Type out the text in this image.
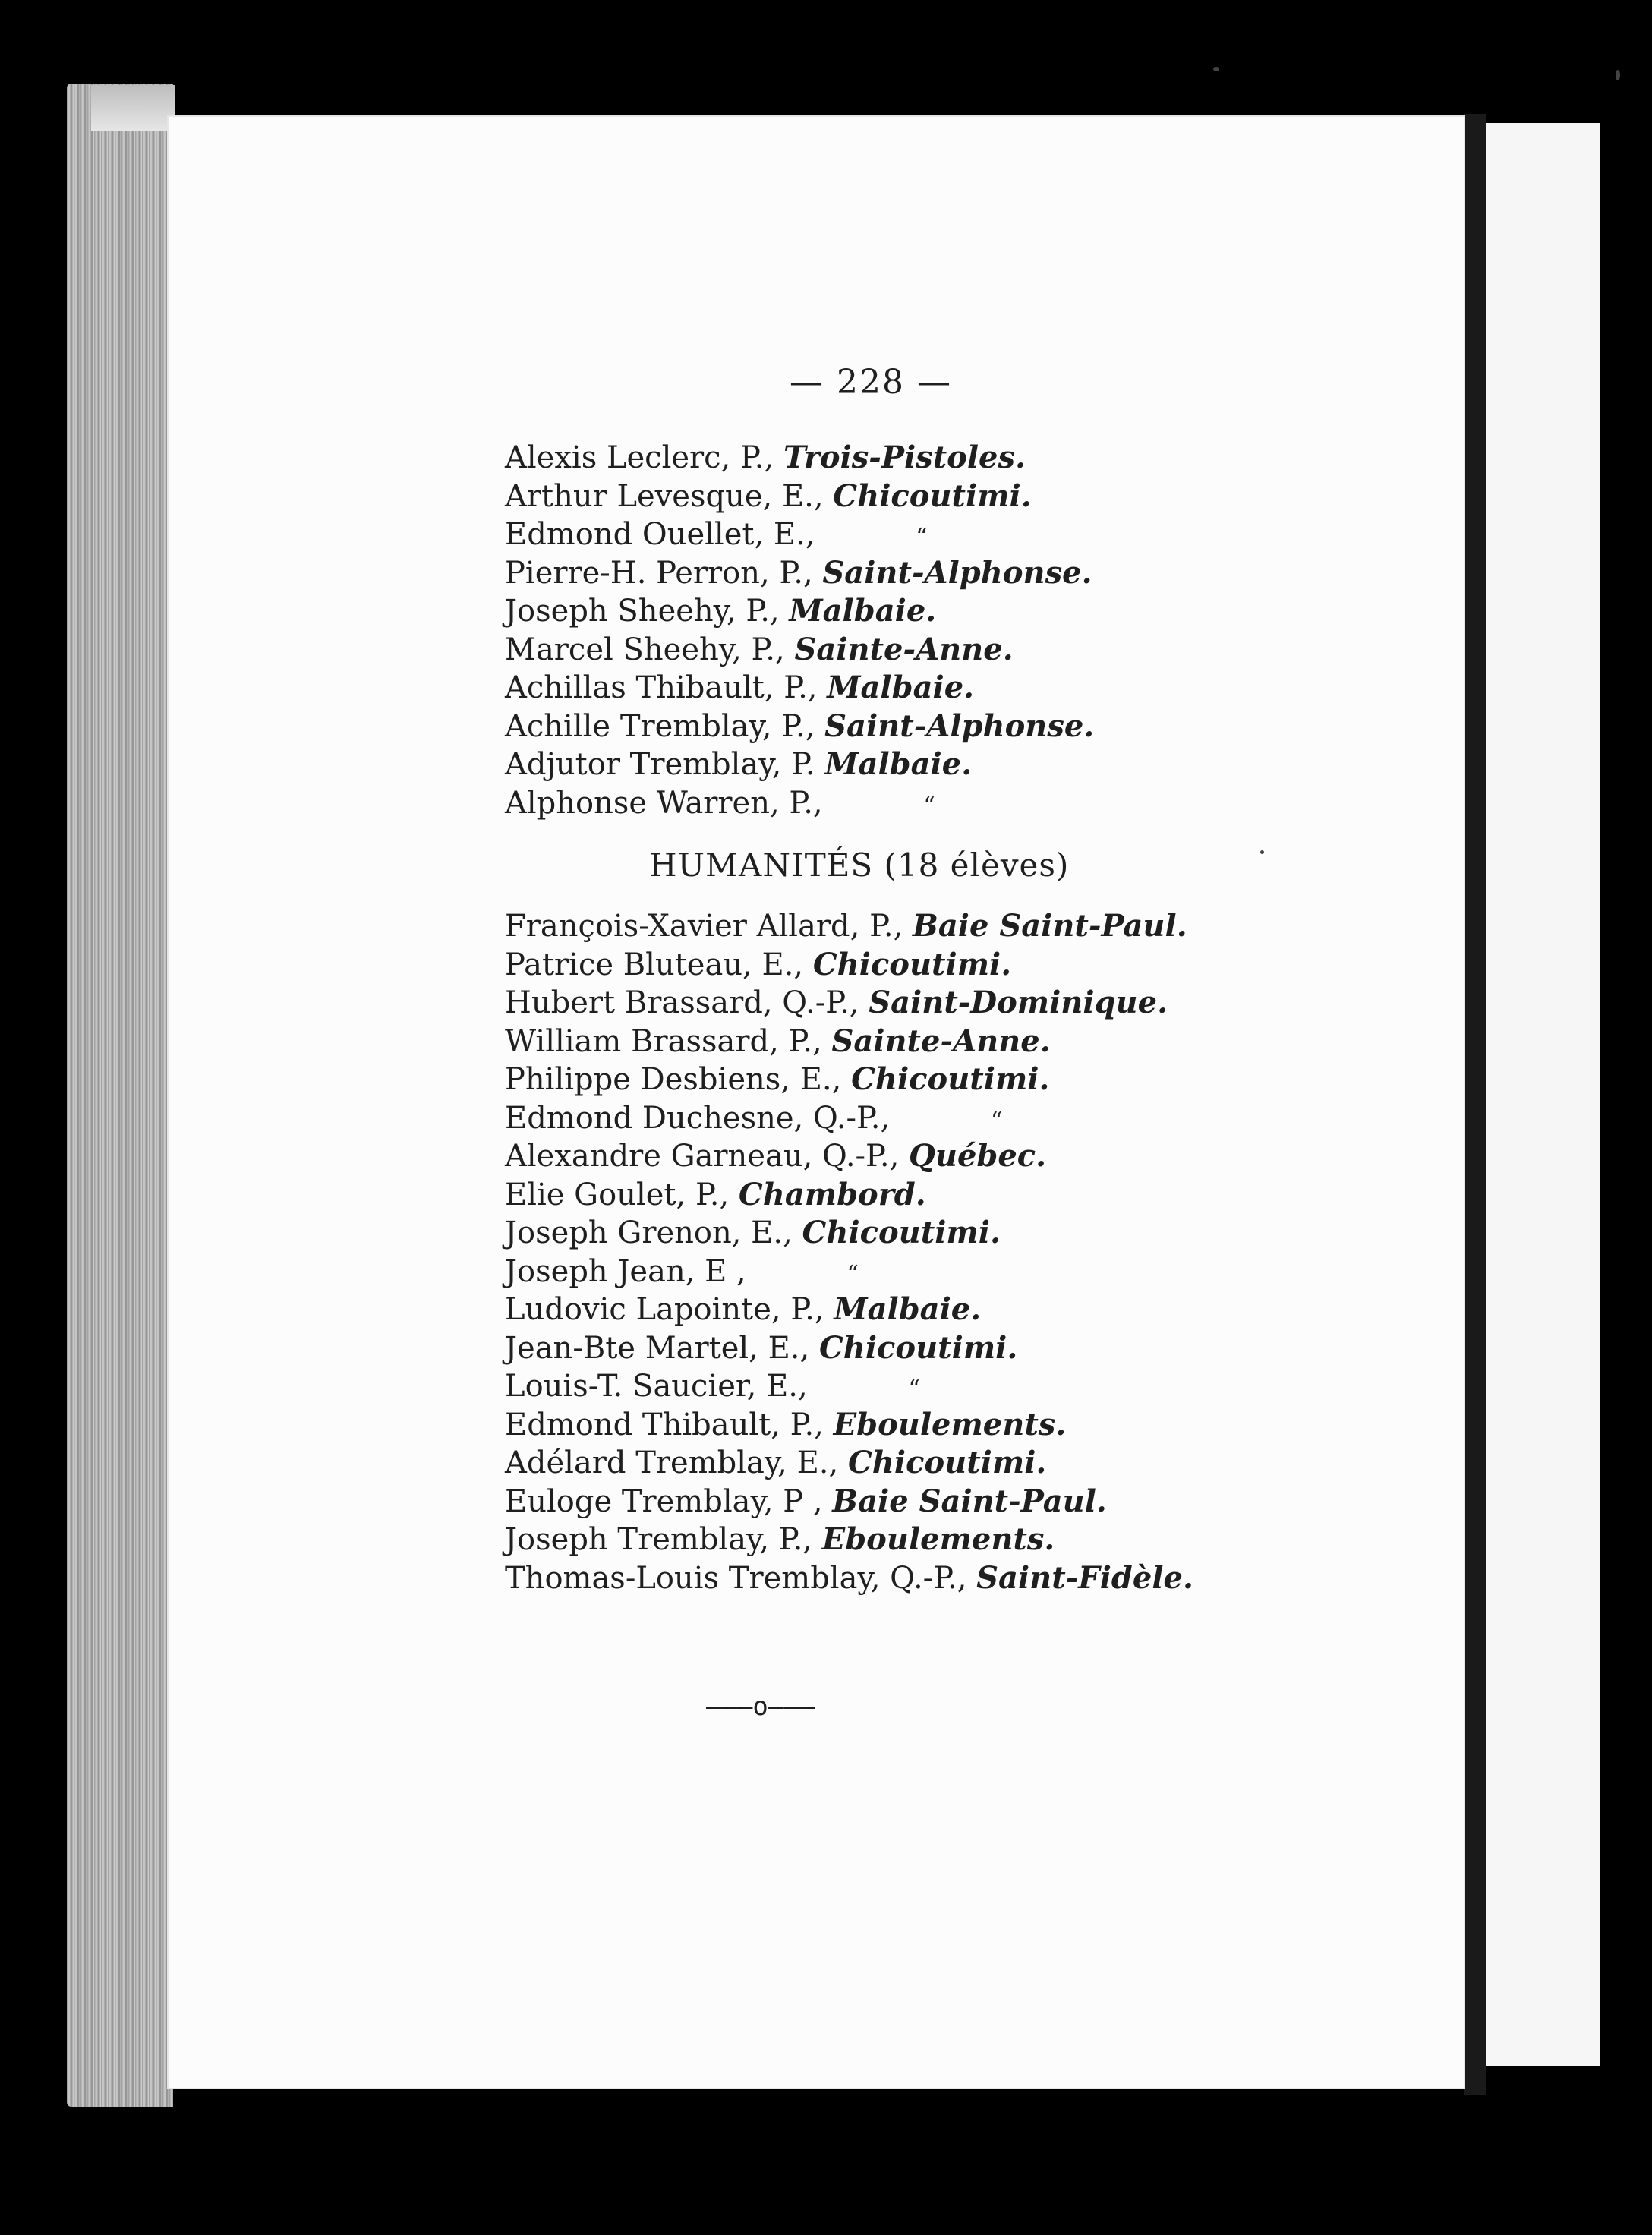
— 228 —
Alexis Leclerc, P., Trois-Pistoles.
Arthur Levesque, E., Chicoutimi.
Edmond Ouellet, E.,	“
Pierre-H. Perron, P., Saint-Alphonse.
Joseph Sheehy, P., Malbaie.
Marcel Sheehy, P., Sainte-Anne.
Achillas Thibault, P., Malbaie.
Achille Tremblay, P., Saint-Alphonse.
Adjutor Tremblay, P. Malbaie.
Alphonse Warren, P.,	“
HUMANITÉS (18 élèves)
François-Xavier Allard, P., Baie Saint-Paul.
Patrice Bluteau, E., Chicoutimi.
Hubert Brassard, Q.-P., Saint-Dominique.
William Brassard, P., Sainte-Anne.
Philippe Desbiens, E., Chicoutimi.
Edmond Duchesne, Q.-P.,	“
Alexandre Garneau, Q.-P., Québec.
Elie Goulet, P., Chambord.
Joseph Grenon, E., Chicoutimi.
Joseph Jean, E ,	“
Ludovic Lapointe, P., Malbaie.
Jean-Bte Martel, E., Chicoutimi.
Louis-T. Saucier, E.,	“
Edmond Thibault, P., Eboulements.
Adélard Tremblay, E., Chicoutimi.
Euloge Tremblay, P , Baie Saint-Paul.
Joseph Tremblay, P., Eboulements.
Thomas-Louis Tremblay, Q.-P., Saint-Fidèle.
———o———
